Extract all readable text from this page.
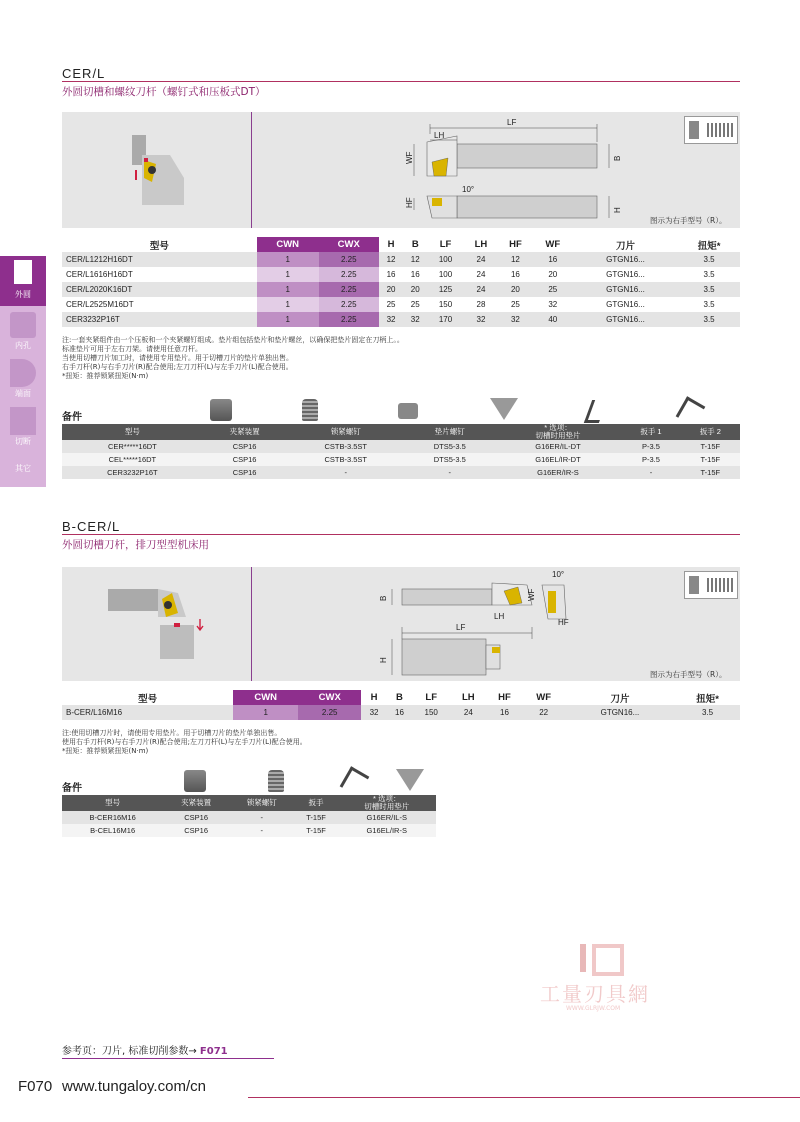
外圆
内孔
端面
切断
其它
CER/L
外圆切槽和螺纹刀杆（螺钉式和压板式DT）
LF
LH
WF	B
HF
H
10°
图示为右手型号（R）。
型号	CWN	CWX	H	B	LF	LH	HF	WF	刀片	扭矩*
CER/L1212H16DT	1	2.25	12	12	100	24	12	16	GTGN16...	3.5
CER/L1616H16DT	1	2.25	16	16	100	24	16	20	GTGN16...	3.5
CER/L2020K16DT	1	2.25	20	20	125	24	20	25	GTGN16...	3.5
CER/L2525M16DT	1	2.25	25	25	150	28	25	32	GTGN16...	3.5
CER3232P16T	1	2.25	32	32	170	32	32	40	GTGN16...	3.5
注:一套夹紧组件由一个压板和一个夹紧螺钉组成。垫片组包括垫片和垫片螺丝，以确保把垫片固定在刀柄上。。
标准垫片可用于左右刀架。请使用任意刀杆。
当使用切槽刀片加工时，请使用专用垫片。用于切槽刀片的垫片单独出售。
右手刀杆(R)与右手刀片(R)配合使用;左刀刀杆(L)与左手刀片(L)配合使用。
*扭矩：推荐锁紧扭矩(N·m)
备件
型号	夹紧装置	锁紧螺钉	垫片螺钉	* 选项：
切槽时用垫片	扳手 1	扳手 2
CER*****16DT	CSP16	CSTB-3.5ST	DTS5-3.5	G16ER/IL-DT	P-3.5	T-15F
CEL*****16DT	CSP16	CSTB-3.5ST	DTS5-3.5	G16EL/IR-DT	P-3.5	T-15F
CER3232P16T	CSP16	-	-	G16ER/IR-S	-	T-15F
B-CER/L
外圆切槽刀杆，排刀型型机床用
LF
LH
WF
B
HF
H
10°
图示为右手型号（R）。
型号	CWN	CWX	H	B	LF	LH	HF	WF	刀片	扭矩*
B-CER/L16M16	1	2.25	32	16	150	24	16	22	GTGN16...	3.5
注:使用切槽刀片时，请使用专用垫片。用于切槽刀片的垫片单独出售。
使用右手刀杆(R)与右手刀片(R)配合使用;左刀刀杆(L)与左手刀片(L)配合使用。
*扭矩：推荐锁紧扭矩(N·m)
备件
型号	夹紧装置	锁紧螺钉	扳手	* 选项：
切槽时用垫片
B-CER16M16	CSP16	-	T-15F	G16ER/IL-S
B-CEL16M16	CSP16	-	T-15F	G16EL/IR-S
工量刃具網
WWW.GLRJW.COM
参考页：刀片, 标准切削参数→ F071
F070 www.tungaloy.com/cn
